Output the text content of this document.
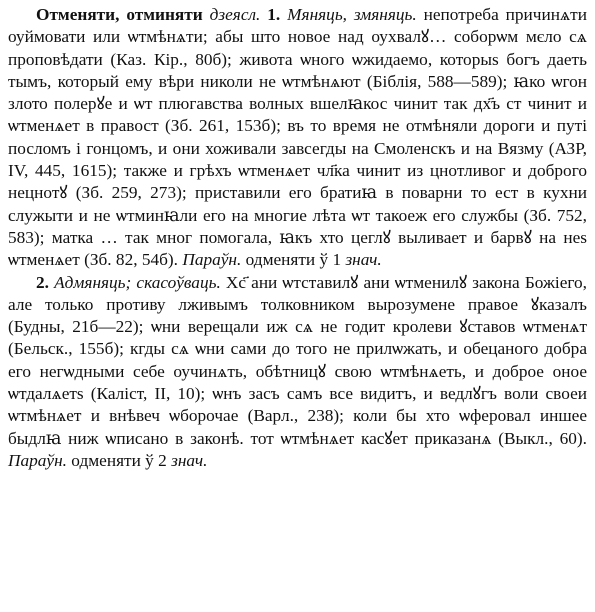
Отменяти, отминяти дзеясл. 1. Мяняць, змяняць. непотреба причинѧти оуймовати или ѡтмѣнѧти; абы што новое над оухвалꙋ… соборѡм мєло сѧ проповѣдати (Каз. Кір., 80б); живота ѡного ѡжидаемо, которыs богъ даеть тымъ, который ему вѣри николи не ѡтмѣнѧют (Біблія, 588—589); ꙗко ѡгон злото полерꙋе и ѡт плюгавства волных вшелꙗкос чинит так дх҃ъ ст чинит и ѡтменѧет в правост (Зб. 261, 153б); въ то время не отмѣняли дороги и путі посломъ і гонцомъ, и они хоживали завсегды на Смоленскъ и на Вязму (АЗР, IV, 445, 1615); также и грѣхъ ѡтменѧет чл҃ка чинит из цнотливог и доброго нецнотꙋ (Зб. 259, 273); приставили его братиꙗ в поварни то ест в кухни служыти и не ѡтминꙗли его на многие лѣта ѡт такоеж его службы (Зб. 752, 583); матка … так мног помогала, ꙗкъ хто цеглꙋ выливает и барвꙋ на неs ѡтменѧет (Зб. 82, 54б). Параўн. одменяти ў 1 знач.

2. Адмяняць; скасоўваць. Хс҃ ани ѡтставилꙋ ани ѡтменилꙋ закона Божіего, але только противу лживымъ толковником вырозумене правое ꙋказалъ (Будны, 21б—22); ѡни верещали иж сѧ не годит кролеви ꙋставов ѡтменѧт (Бельск., 155б); кгды сѧ ѡни сами до того не прилѡжать, и обецаного добра его негѡдными себе оучинѧть, обѣтницꙋ свою ѡтмѣнѧеть, и доброе оное ѡтдалѧетs (Каліст, II, 10); ѡнъ засъ самъ все видитъ, и ведлꙋгъ воли своеи ѡтмѣнѧет и внѣвеч ѡборочае (Варл., 238); коли бы хто ѡферовал иншее быдлꙗ ниж ѡписано в законѣ. тот ѡтмѣнѧет касꙋет приказанѧ (Выкл., 60). Параўн. одменяти ў 2 знач.
